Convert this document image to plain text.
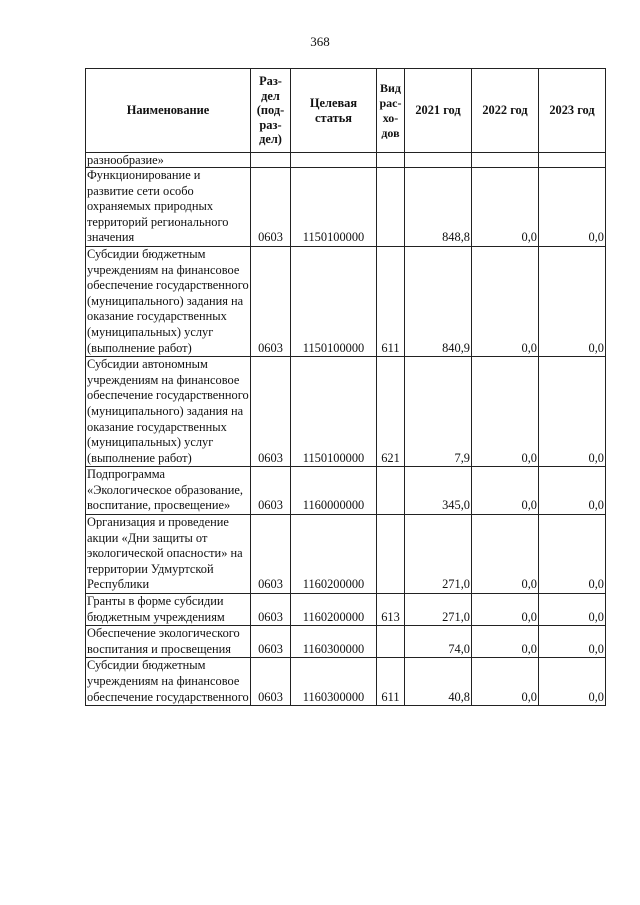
368
Наименование	Раз-
дел
(под-
раз-
дел)	Целевая
статья	Вид
рас-
хо-
дов	2021 год	2022 год	2023 год
разнообразие»						
Функционирование и развитие сети особо охраняемых природных территорий регионального значения	0603	1150100000		848,8	0,0	0,0
Субсидии бюджетным учреждениям на финансовое обеспечение государственного (муниципального) задания на оказание государственных (муниципальных) услуг (выполнение работ)	0603	1150100000	611	840,9	0,0	0,0
Субсидии автономным учреждениям на финансовое обеспечение государственного (муниципального) задания на оказание государственных (муниципальных) услуг (выполнение работ)	0603	1150100000	621	7,9	0,0	0,0
Подпрограмма «Экологическое образование, воспитание, просвещение»	0603	1160000000		345,0	0,0	0,0
Организация и проведение акции «Дни защиты от экологической опасности» на территории Удмуртской Республики	0603	1160200000		271,0	0,0	0,0
Гранты в форме субсидии бюджетным учреждениям	0603	1160200000	613	271,0	0,0	0,0
Обеспечение экологического воспитания и просвещения	0603	1160300000		74,0	0,0	0,0
Субсидии бюджетным учреждениям на финансовое обеспечение государственного	0603	1160300000	611	40,8	0,0	0,0
